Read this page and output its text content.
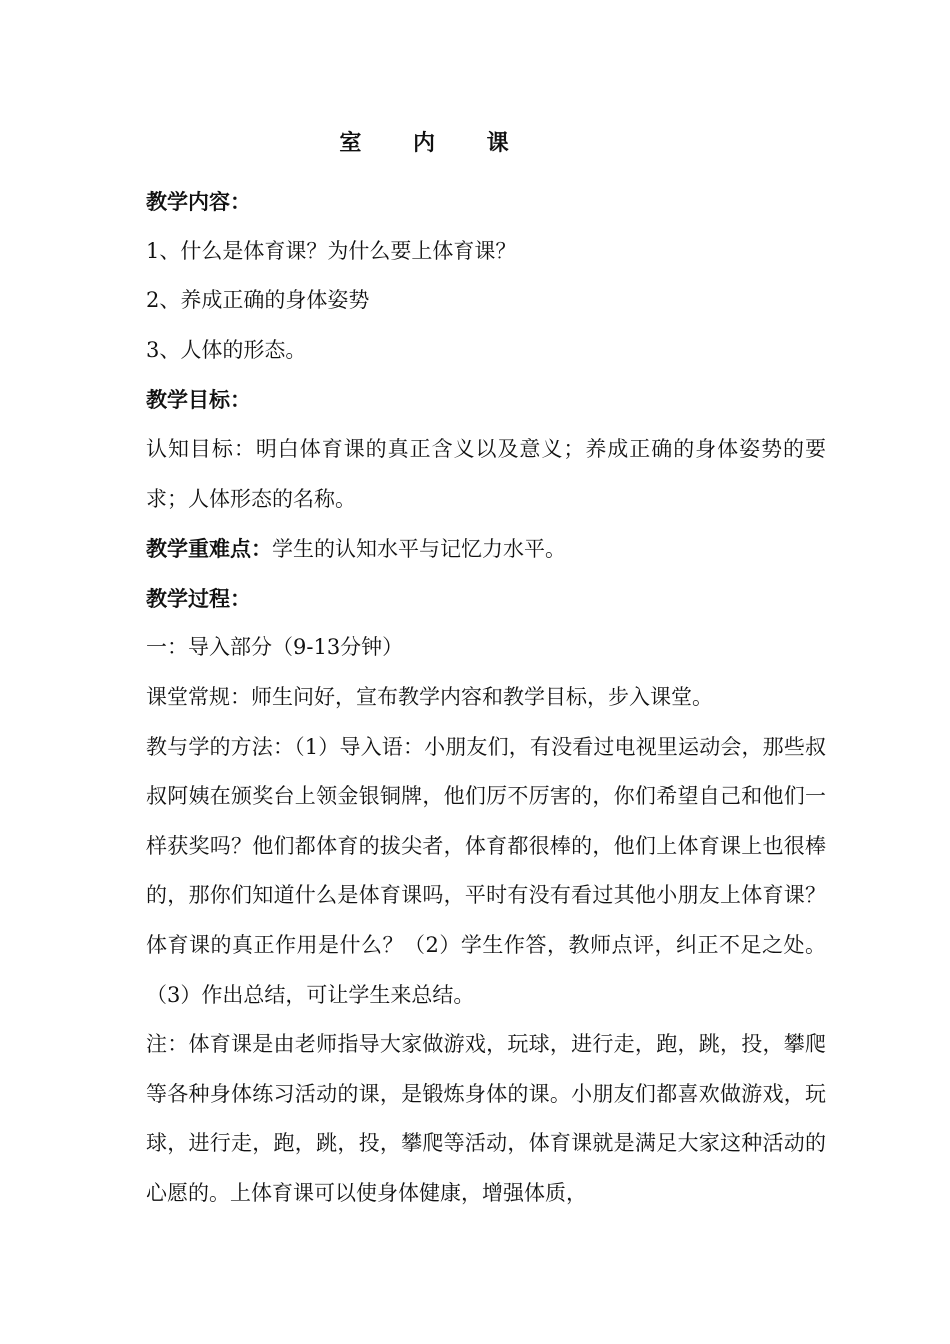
室 内 课
教学内容：
1、什么是体育课？为什么要上体育课？
2、养成正确的身体姿势
3、人体的形态。
教学目标：

认知目标：明白体育课的真正含义以及意义；养成正确的身体姿势的要求；人体形态的名称。

教学重难点：学生的认知水平与记忆力水平。
教学过程：
一：导入部分（9-13分钟）
课堂常规：师生问好，宣布教学内容和教学目标，步入课堂。

教与学的方法：（1）导入语：小朋友们，有没看过电视里运动会，那些叔叔阿姨在颁奖台上领金银铜牌，他们厉不厉害的，你们希望自己和他们一样获奖吗？他们都体育的拔尖者，体育都很棒的，他们上体育课上也很棒的，那你们知道什么是体育课吗，平时有没有看过其他小朋友上体育课？体育课的真正作用是什么？（2）学生作答，教师点评，纠正不足之处。（3）作出总结，可让学生来总结。

注：体育课是由老师指导大家做游戏，玩球，进行走，跑，跳，投，攀爬等各种身体练习活动的课，是锻炼身体的课。小朋友们都喜欢做游戏，玩球，进行走，跑，跳，投，攀爬等活动，体育课就是满足大家这种活动的心愿的。上体育课可以使身体健康，增强体质，
